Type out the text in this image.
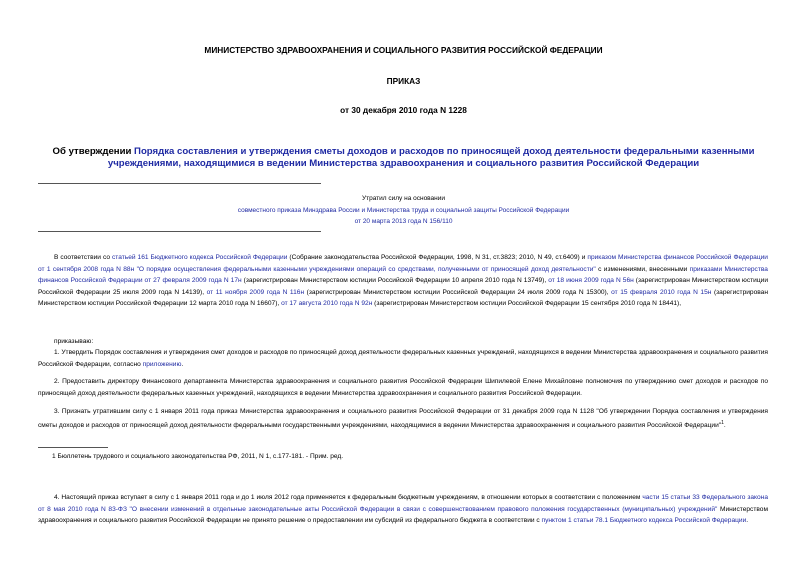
МИНИСТЕРСТВО ЗДРАВООХРАНЕНИЯ И СОЦИАЛЬНОГО РАЗВИТИЯ РОССИЙСКОЙ ФЕДЕРАЦИИ
ПРИКАЗ
от 30 декабря 2010 года N 1228
Об утверждении Порядка составления и утверждения сметы доходов и расходов по приносящей доход деятельности федеральными казенными учреждениями, находящимися в ведении Министерства здравоохранения и социального развития Российской Федерации
Утратил силу на основании
совместного приказа Минздрава России и Министерства труда и социальной защиты Российской Федерации
от 20 марта 2013 года N 156/110
В соответствии со статьей 161 Бюджетного кодекса Российской Федерации (Собрание законодательства Российской Федерации, 1998, N 31, ст.3823; 2010, N 49, ст.6409) и приказом Министерства финансов Российской Федерации от 1 сентября 2008 года N 88н "О порядке осуществления федеральными казенными учреждениями операций со средствами, полученными от приносящей доход деятельности" с изменениями, внесенными приказами Министерства финансов Российской Федерации от 27 февраля 2009 года N 17н (зарегистрирован Министерством юстиции Российской Федерации 10 апреля 2010 года N 13749), от 18 июня 2009 года N 56н (зарегистрирован Министерством юстиции Российской Федерации 25 июля 2009 года N 14139), от 11 ноября 2009 года N 116н (зарегистрирован Министерством юстиции Российской Федерации 24 июля 2009 года N 15300), от 15 февраля 2010 года N 15н (зарегистрирован Министерством юстиции Российской Федерации 12 марта 2010 года N 16607), от 17 августа 2010 года N 92н (зарегистрирован Министерством юстиции Российской Федерации 15 сентября 2010 года N 18441),
приказываю:
1. Утвердить Порядок составления и утверждения смет доходов и расходов по приносящей доход деятельности федеральных казенных учреждений, находящихся в ведении Министерства здравоохранения и социального развития Российской Федерации, согласно приложению.
2. Предоставить директору Финансового департамента Министерства здравоохранения и социального развития Российской Федерации Шипилевой Елене Михайловне полномочия по утверждению смет доходов и расходов по приносящей доход деятельности федеральных казенных учреждений, находящихся в ведении Министерства здравоохранения и социального развития Российской Федерации.
3. Признать утратившим силу с 1 января 2011 года приказ Министерства здравоохранения и социального развития Российской Федерации от 31 декабря 2009 года N 1128 "Об утверждении Порядка составления и утверждения сметы доходов и расходов от приносящей доход деятельности федеральными государственными учреждениями, находящимися в ведении Министерства здравоохранения и социального развития Российской Федерации"$^1$.
1 Бюллетень трудового и социального законодательства РФ, 2011, N 1, с.177-181. - Прим. ред.
4. Настоящий приказ вступает в силу с 1 января 2011 года и до 1 июля 2012 года применяется к федеральным бюджетным учреждениям, в отношении которых в соответствии с положением части 15 статьи 33 Федерального закона от 8 мая 2010 года N 83-ФЗ "О внесении изменений в отдельные законодательные акты Российской Федерации в связи с совершенствованием правового положения государственных (муниципальных) учреждений" Министерством здравоохранения и социального развития Российской Федерации не принято решение о предоставлении им субсидий из федерального бюджета в соответствии с пунктом 1 статьи 78.1 Бюджетного кодекса Российской Федерации.
